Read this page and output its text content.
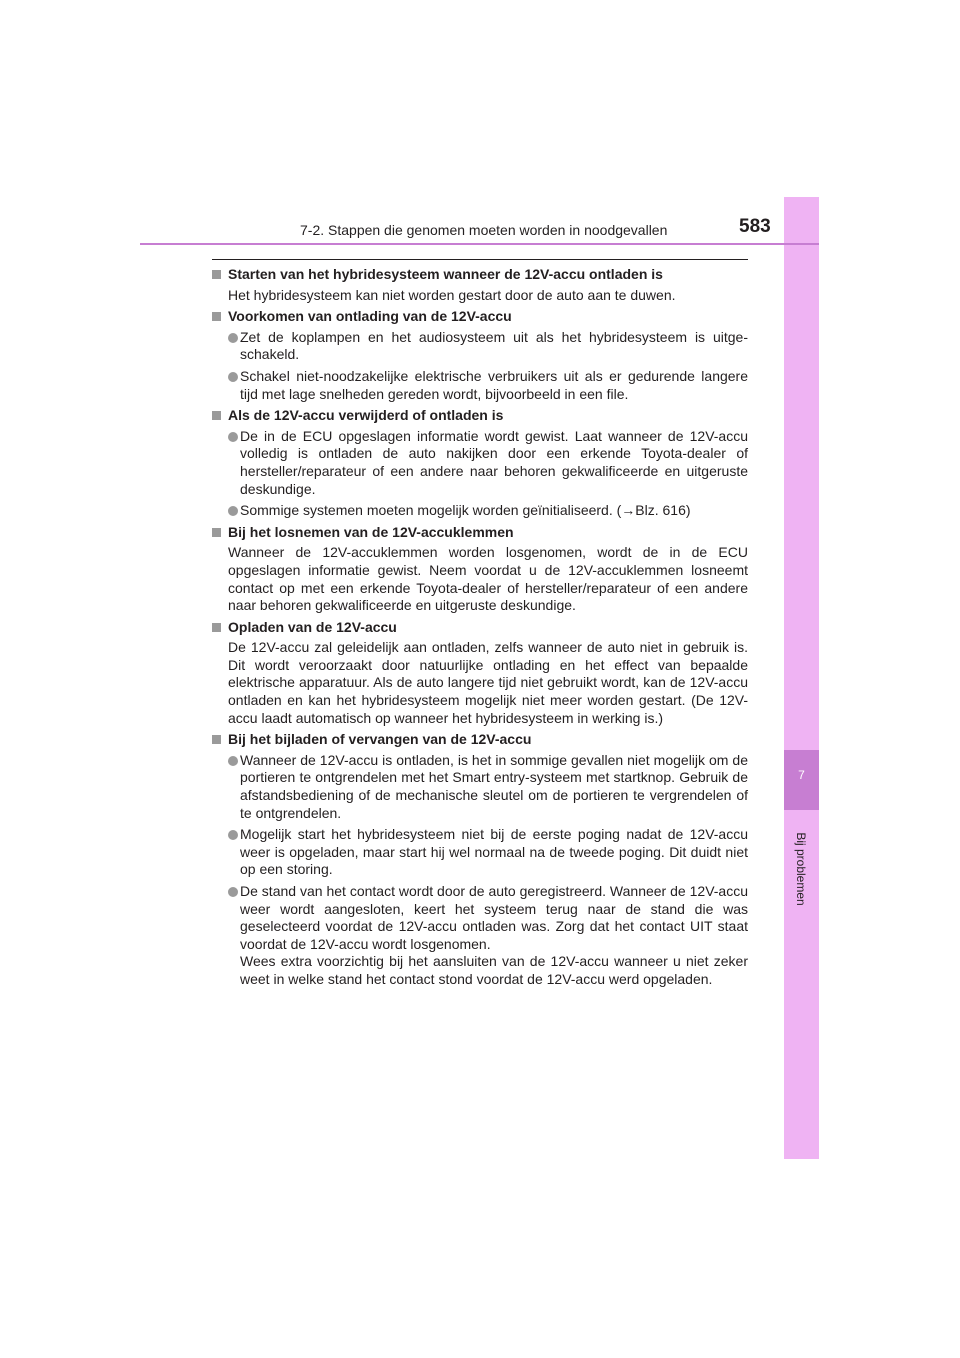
7
Bij problemen
7-2. Stappen die genomen moeten worden in noodgevallen	583

Starten van het hybridesysteem wanneer de 12V-accu ontladen is

Het hybridesysteem kan niet worden gestart door de auto aan te duwen.

Voorkomen van ontlading van de 12V-accu

Zet de koplampen en het audiosysteem uit als het hybridesysteem is uitgeschakeld.

Schakel niet-noodzakelijke elektrische verbruikers uit als er gedurende langere tijd met lage snelheden gereden wordt, bijvoorbeeld in een file.

Als de 12V-accu verwijderd of ontladen is

De in de ECU opgeslagen informatie wordt gewist. Laat wanneer de 12V-accu volledig is ontladen de auto nakijken door een erkende Toyota-dealer of hersteller/reparateur of een andere naar behoren gekwalificeerde en uitgeruste deskundige.

Sommige systemen moeten mogelijk worden geïnitialiseerd. (→Blz. 616)

Bij het losnemen van de 12V-accuklemmen

Wanneer de 12V-accuklemmen worden losgenomen, wordt de in de ECU opgeslagen informatie gewist. Neem voordat u de 12V-accuklemmen losneemt contact op met een erkende Toyota-dealer of hersteller/reparateur of een andere naar behoren gekwalificeerde en uitgeruste deskundige.

Opladen van de 12V-accu

De 12V-accu zal geleidelijk aan ontladen, zelfs wanneer de auto niet in gebruik is. Dit wordt veroorzaakt door natuurlijke ontlading en het effect van bepaalde elektrische apparatuur. Als de auto langere tijd niet gebruikt wordt, kan de 12V-accu ontladen en kan het hybridesysteem mogelijk niet meer worden gestart. (De 12V-accu laadt automatisch op wanneer het hybridesysteem in werking is.)

Bij het bijladen of vervangen van de 12V-accu

Wanneer de 12V-accu is ontladen, is het in sommige gevallen niet mogelijk om de portieren te ontgrendelen met het Smart entry-systeem met startknop. Gebruik de afstandsbediening of de mechanische sleutel om de portieren te vergrendelen of te ontgrendelen.

Mogelijk start het hybridesysteem niet bij de eerste poging nadat de 12V-accu weer is opgeladen, maar start hij wel normaal na de tweede poging. Dit duidt niet op een storing.

De stand van het contact wordt door de auto geregistreerd. Wanneer de 12V-accu weer wordt aangesloten, keert het systeem terug naar de stand die was geselecteerd voordat de 12V-accu ontladen was. Zorg dat het contact UIT staat voordat de 12V-accu wordt losgenomen.

Wees extra voorzichtig bij het aansluiten van de 12V-accu wanneer u niet zeker weet in welke stand het contact stond voordat de 12V-accu werd opgeladen.
